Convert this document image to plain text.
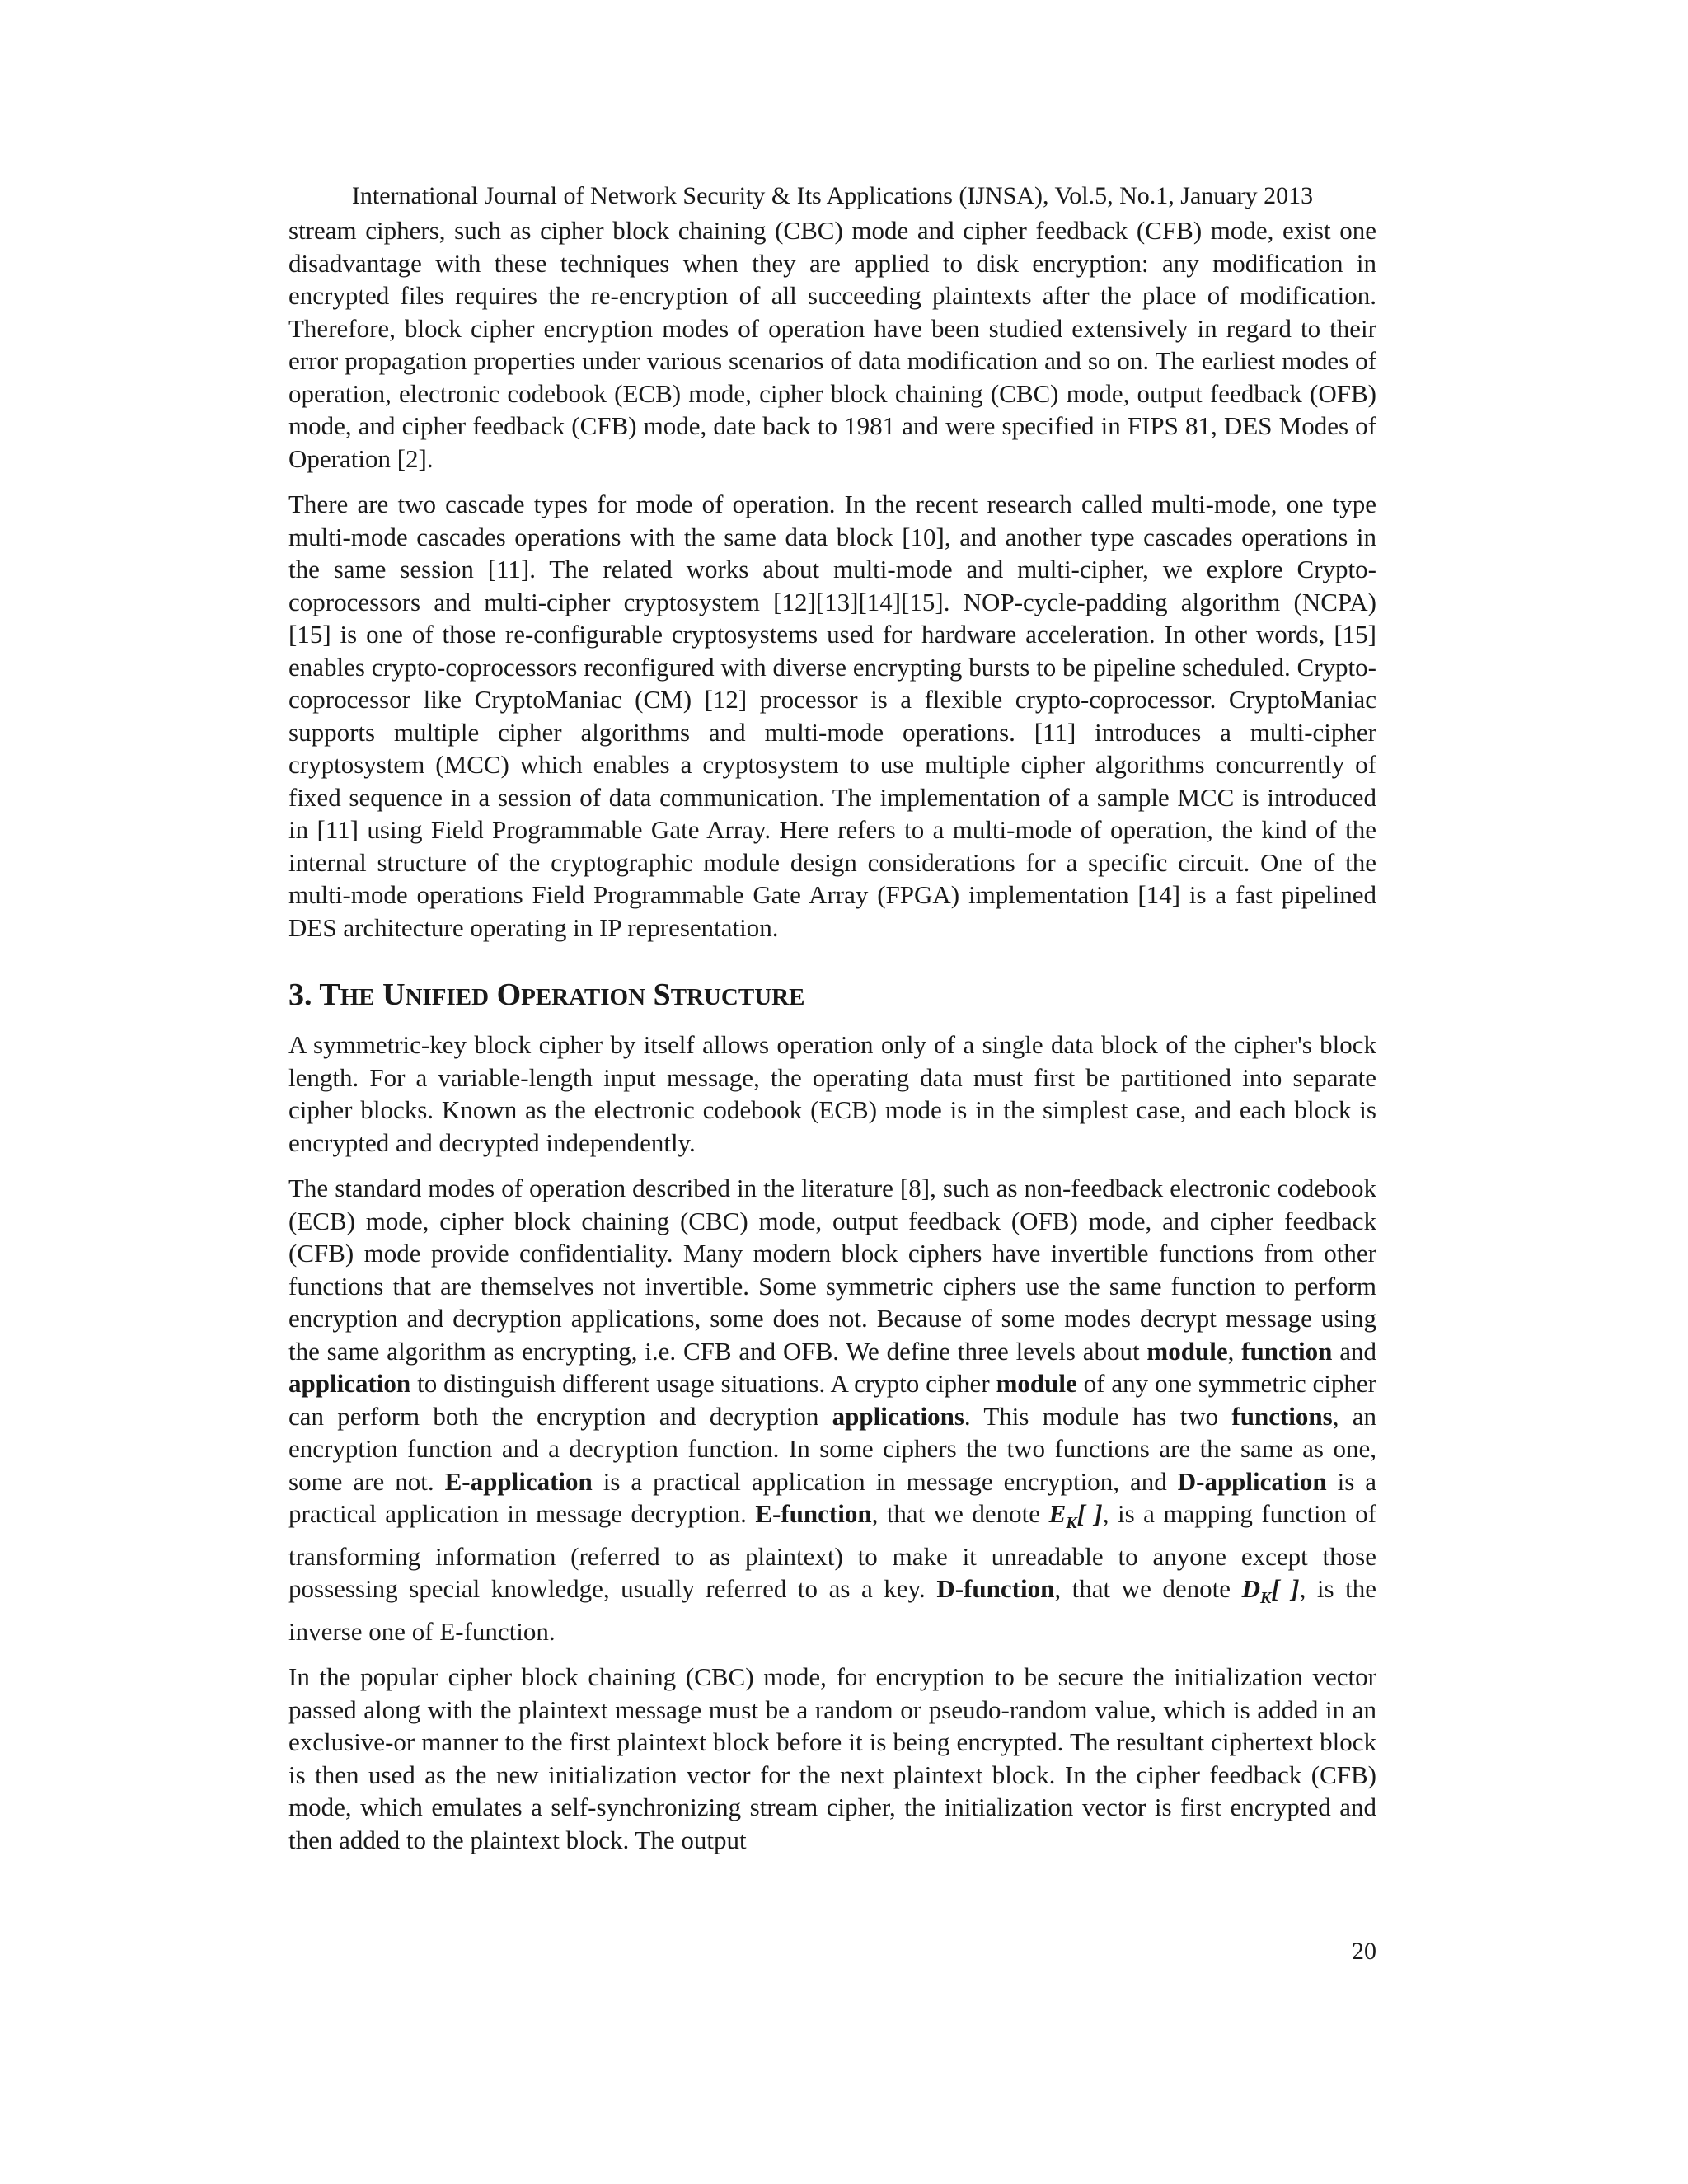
International Journal of Network Security & Its Applications (IJNSA), Vol.5, No.1, January 2013

stream ciphers, such as cipher block chaining (CBC) mode and cipher feedback (CFB) mode, exist one disadvantage with these techniques when they are applied to disk encryption: any modification in encrypted files requires the re-encryption of all succeeding plaintexts after the place of modification. Therefore, block cipher encryption modes of operation have been studied extensively in regard to their error propagation properties under various scenarios of data modification and so on. The earliest modes of operation, electronic codebook (ECB) mode, cipher block chaining (CBC) mode, output feedback (OFB) mode, and cipher feedback (CFB) mode, date back to 1981 and were specified in FIPS 81, DES Modes of Operation [2].

There are two cascade types for mode of operation. In the recent research called multi-mode, one type multi-mode cascades operations with the same data block [10], and another type cascades operations in the same session [11]. The related works about multi-mode and multi-cipher, we explore Crypto-coprocessors and multi-cipher cryptosystem [12][13][14][15]. NOP-cycle-padding algorithm (NCPA) [15] is one of those re-configurable cryptosystems used for hardware acceleration. In other words, [15] enables crypto-coprocessors reconfigured with diverse encrypting bursts to be pipeline scheduled. Crypto-coprocessor like CryptoManiac (CM) [12] processor is a flexible crypto-coprocessor. CryptoManiac supports multiple cipher algorithms and multi-mode operations. [11] introduces a multi-cipher cryptosystem (MCC) which enables a cryptosystem to use multiple cipher algorithms concurrently of fixed sequence in a session of data communication. The implementation of a sample MCC is introduced in [11] using Field Programmable Gate Array. Here refers to a multi-mode of operation, the kind of the internal structure of the cryptographic module design considerations for a specific circuit. One of the multi-mode operations Field Programmable Gate Array (FPGA) implementation [14] is a fast pipelined DES architecture operating in IP representation.

3. THE UNIFIED OPERATION STRUCTURE

A symmetric-key block cipher by itself allows operation only of a single data block of the cipher's block length. For a variable-length input message, the operating data must first be partitioned into separate cipher blocks. Known as the electronic codebook (ECB) mode is in the simplest case, and each block is encrypted and decrypted independently.

The standard modes of operation described in the literature [8], such as non-feedback electronic codebook (ECB) mode, cipher block chaining (CBC) mode, output feedback (OFB) mode, and cipher feedback (CFB) mode provide confidentiality. Many modern block ciphers have invertible functions from other functions that are themselves not invertible. Some symmetric ciphers use the same function to perform encryption and decryption applications, some does not. Because of some modes decrypt message using the same algorithm as encrypting, i.e. CFB and OFB. We define three levels about module, function and application to distinguish different usage situations. A crypto cipher module of any one symmetric cipher can perform both the encryption and decryption applications. This module has two functions, an encryption function and a decryption function. In some ciphers the two functions are the same as one, some are not. E-application is a practical application in message encryption, and D-application is a practical application in message decryption. E-function, that we denote $E_K$[ ], is a mapping function of transforming information (referred to as plaintext) to make it unreadable to anyone except those possessing special knowledge, usually referred to as a key. D-function, that we denote $D_K$[ ], is the inverse one of E-function.

In the popular cipher block chaining (CBC) mode, for encryption to be secure the initialization vector passed along with the plaintext message must be a random or pseudo-random value, which is added in an exclusive-or manner to the first plaintext block before it is being encrypted. The resultant ciphertext block is then used as the new initialization vector for the next plaintext block. In the cipher feedback (CFB) mode, which emulates a self-synchronizing stream cipher, the initialization vector is first encrypted and then added to the plaintext block. The output

20
